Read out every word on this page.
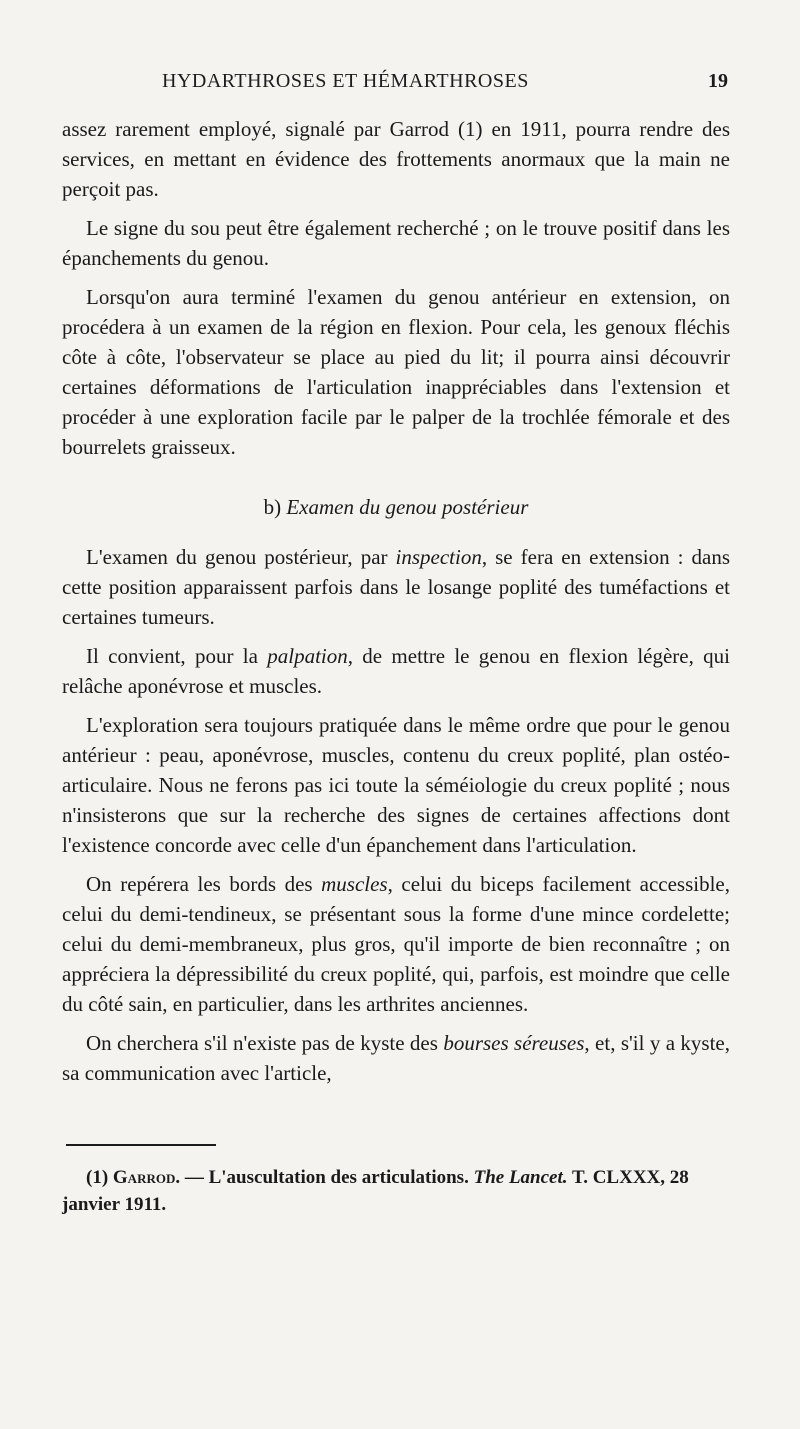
HYDARTHROSES ET HÉMARTHROSES	19

assez rarement employé, signalé par Garrod (1) en 1911, pourra rendre des services, en mettant en évidence des frottements anormaux que la main ne perçoit pas.

Le signe du sou peut être également recherché ; on le trouve positif dans les épanchements du genou.

Lorsqu'on aura terminé l'examen du genou antérieur en extension, on procédera à un examen de la région en flexion. Pour cela, les genoux fléchis côte à côte, l'observateur se place au pied du lit; il pourra ainsi découvrir certaines déformations de l'articulation inappréciables dans l'extension et procéder à une exploration facile par le palper de la trochlée fémorale et des bourrelets graisseux.

b) Examen du genou postérieur

L'examen du genou postérieur, par inspection, se fera en extension : dans cette position apparaissent parfois dans le losange poplité des tuméfactions et certaines tumeurs.

Il convient, pour la palpation, de mettre le genou en flexion légère, qui relâche aponévrose et muscles.

L'exploration sera toujours pratiquée dans le même ordre que pour le genou antérieur : peau, aponévrose, muscles, contenu du creux poplité, plan ostéo-articulaire. Nous ne ferons pas ici toute la séméiologie du creux poplité ; nous n'insisterons que sur la recherche des signes de certaines affections dont l'existence concorde avec celle d'un épanchement dans l'articulation.

On repérera les bords des muscles, celui du biceps facilement accessible, celui du demi-tendineux, se présentant sous la forme d'une mince cordelette; celui du demi-membraneux, plus gros, qu'il importe de bien reconnaître ; on appréciera la dépressibilité du creux poplité, qui, parfois, est moindre que celle du côté sain, en particulier, dans les arthrites anciennes.

On cherchera s'il n'existe pas de kyste des bourses séreuses, et, s'il y a kyste, sa communication avec l'article,

(1) Garrod. — L'auscultation des articulations. The Lancet. T. CLXXX, 28 janvier 1911.
